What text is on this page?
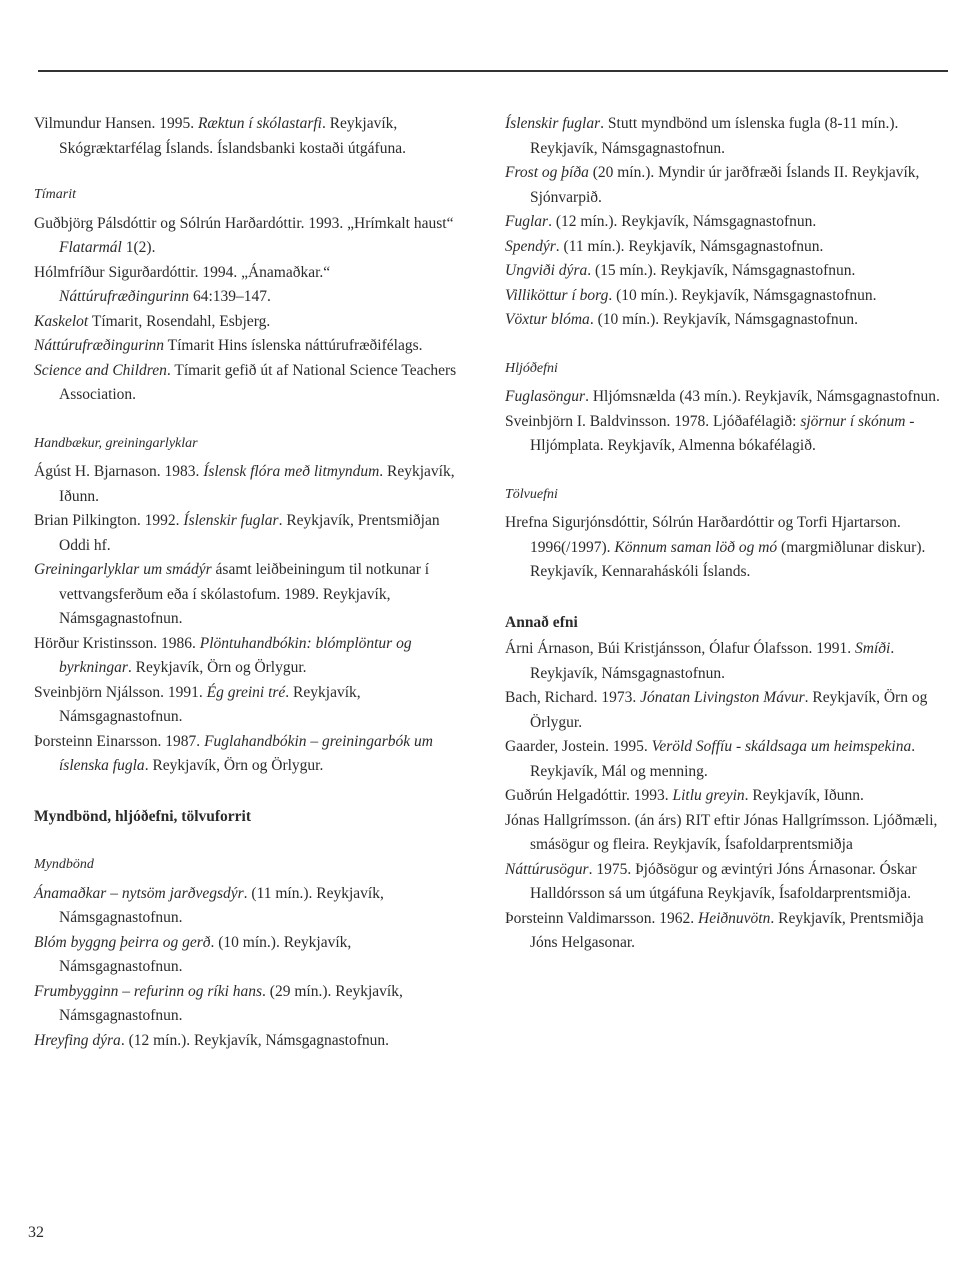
Vilmundur Hansen. 1995. Ræktun í skólastarfi. Reykjavík, Skógræktarfélag Íslands. Íslandsbanki kostaði útgáfuna.

Tímarit

Guðbjörg Pálsdóttir og Sólrún Harðardóttir. 1993. „Hrímkalt haust“ Flatarmál 1(2).

Hólmfríður Sigurðardóttir. 1994. „Ánamaðkar.“ Náttúrufræðingurinn 64:139–147.

Kaskelot Tímarit, Rosendahl, Esbjerg.

Náttúrufræðingurinn Tímarit Hins íslenska náttúrufræðifélags.

Science and Children. Tímarit gefið út af National Science Teachers Association.

Handbækur, greiningarlyklar

Ágúst H. Bjarnason. 1983. Íslensk flóra með litmyndum. Reykjavík, Iðunn.

Brian Pilkington. 1992. Íslenskir fuglar. Reykjavík, Prentsmiðjan Oddi hf.

Greiningarlyklar um smádýr ásamt leiðbeiningum til notkunar í vettvangsferðum eða í skólastofum. 1989. Reykjavík, Námsgagnastofnun.

Hörður Kristinsson. 1986. Plöntuhandbókin: blómplöntur og byrkningar. Reykjavík, Örn og Örlygur.

Sveinbjörn Njálsson. 1991. Ég greini tré. Reykjavík, Námsgagnastofnun.

Þorsteinn Einarsson. 1987. Fuglahandbókin – greiningarbók um íslenska fugla. Reykjavík, Örn og Örlygur.

Myndbönd, hljóðefni, tölvuforrit
Myndbönd

Ánamaðkar – nytsöm jarðvegsdýr. (11 mín.). Reykjavík, Námsgagnastofnun.

Blóm byggng þeirra og gerð. (10 mín.). Reykjavík, Námsgagnastofnun.

Frumbygginn – refurinn og ríki hans. (29 mín.). Reykjavík, Námsgagnastofnun.

Hreyfing dýra. (12 mín.). Reykjavík, Námsgagnastofnun.

Íslenskir fuglar. Stutt myndbönd um íslenska fugla (8-11 mín.). Reykjavík, Námsgagnastofnun.

Frost og þíða (20 mín.). Myndir úr jarðfræði Íslands II. Reykjavík, Sjónvarpið.

Fuglar. (12 mín.). Reykjavík, Námsgagnastofnun.

Spendýr. (11 mín.). Reykjavík, Námsgagnastofnun.

Ungviði dýra. (15 mín.). Reykjavík, Námsgagnastofnun.

Villiköttur í borg. (10 mín.). Reykjavík, Námsgagnastofnun.

Vöxtur blóma. (10 mín.). Reykjavík, Námsgagnastofnun.

Hljóðefni

Fuglasöngur. Hljómsnælda (43 mín.). Reykjavík, Námsgagnastofnun.

Sveinbjörn I. Baldvinsson. 1978. Ljóðafélagið: sjörnur í skónum - Hljómplata. Reykjavík, Almenna bókafélagið.

Tölvuefni

Hrefna Sigurjónsdóttir, Sólrún Harðardóttir og Torfi Hjartarson. 1996(/1997). Könnum saman löð og mó (margmiðlunar diskur). Reykjavík, Kennaraháskóli Íslands.

Annað efni

Árni Árnason, Búi Kristjánsson, Ólafur Ólafsson. 1991. Smíði. Reykjavík, Námsgagnastofnun.

Bach, Richard. 1973. Jónatan Livingston Mávur. Reykjavík, Örn og Örlygur.

Gaarder, Jostein. 1995. Veröld Soffíu - skáldsaga um heimspekina. Reykjavík, Mál og menning.

Guðrún Helgadóttir. 1993. Litlu greyin. Reykjavík, Iðunn.

Jónas Hallgrímsson. (án árs) RIT eftir Jónas Hallgrímsson. Ljóðmæli, smásögur og fleira. Reykjavík, Ísafoldarprentsmiðja

Náttúrusögur. 1975. Þjóðsögur og ævintýri Jóns Árnasonar. Óskar Halldórsson sá um útgáfuna Reykjavík, Ísafoldarprentsmiðja.

Þorsteinn Valdimarsson. 1962. Heiðnuvötn. Reykjavík, Prentsmiðja Jóns Helgasonar.

32
